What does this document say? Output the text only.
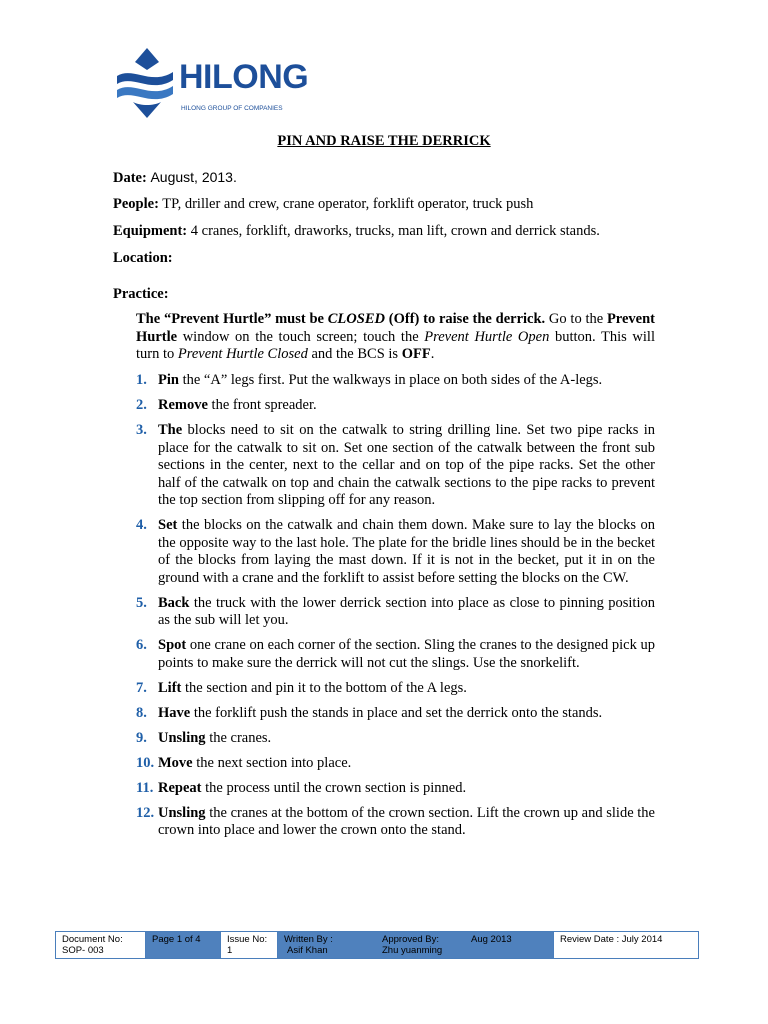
HILONG
HILONG GROUP OF COMPANIES
PIN AND RAISE THE DERRICK
Date: August, 2013.
People: TP, driller and crew, crane operator, forklift operator, truck push
Equipment: 4 cranes, forklift, draworks, trucks, man lift, crown and derrick stands.
Location:
Practice:
The “Prevent Hurtle” must be CLOSED (Off) to raise the derrick. Go to the Prevent Hurtle window on the touch screen; touch the Prevent Hurtle Open button. This will turn to Prevent Hurtle Closed and the BCS is OFF.
1. Pin the “A” legs first. Put the walkways in place on both sides of the A-legs.
2. Remove the front spreader.
3. The blocks need to sit on the catwalk to string drilling line. Set two pipe racks in place for the catwalk to sit on. Set one section of the catwalk between the front sub sections in the center, next to the cellar and on top of the pipe racks. Set the other half of the catwalk on top and chain the catwalk sections to the pipe racks to prevent the top section from slipping off for any reason.
4. Set the blocks on the catwalk and chain them down. Make sure to lay the blocks on the opposite way to the last hole. The plate for the bridle lines should be in the becket of the blocks from laying the mast down. If it is not in the becket, put it in on the ground with a crane and the forklift to assist before setting the blocks on the CW.
5. Back the truck with the lower derrick section into place as close to pinning position as the sub will let you.
6. Spot one crane on each corner of the section. Sling the cranes to the designed pick up points to make sure the derrick will not cut the slings. Use the snorkelift.
7. Lift the section and pin it to the bottom of the A legs.
8. Have the forklift push the stands in place and set the derrick onto the stands.
9. Unsling the cranes.
10. Move the next section into place.
11. Repeat the process until the crown section is pinned.
12. Unsling the cranes at the bottom of the crown section. Lift the crown up and slide the crown into place and lower the crown onto the stand.
Document No:
SOP- 003
Page 1 of 4	Issue No:
1
Written By :
Asif Khan
Approved By:
Zhu yuanming
Aug 2013	Review Date : July 2014
